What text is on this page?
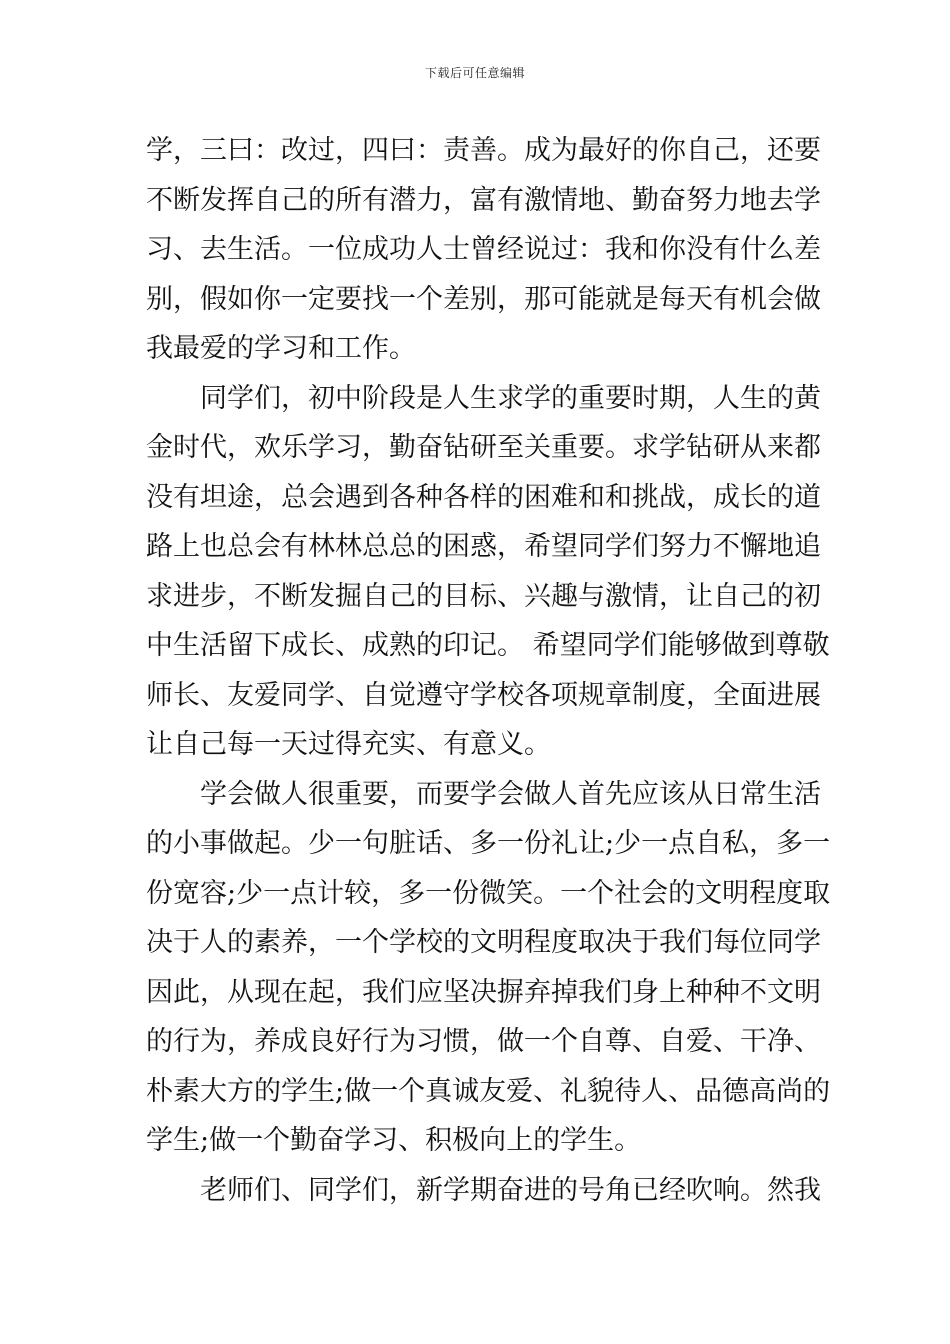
下载后可任意编辑

学，三曰：改过，四曰：责善。成为最好的你自己，还要
不断发挥自己的所有潜力，富有激情地、勤奋努力地去学
习、去生活。一位成功人士曾经说过：我和你没有什么差
别，假如你一定要找一个差别，那可能就是每天有机会做
我最爱的学习和工作。

同学们，初中阶段是人生求学的重要时期，人生的黄
金时代，欢乐学习，勤奋钻研至关重要。求学钻研从来都
没有坦途，总会遇到各种各样的困难和和挑战，成长的道
路上也总会有林林总总的困惑，希望同学们努力不懈地追
求进步，不断发掘自己的目标、兴趣与激情，让自己的初
中生活留下成长、成熟的印记。 希望同学们能够做到尊敬
师长、友爱同学、自觉遵守学校各项规章制度，全面进展
让自己每一天过得充实、有意义。

学会做人很重要，而要学会做人首先应该从日常生活
的小事做起。少一句脏话、多一份礼让;少一点自私，多一
份宽容;少一点计较，多一份微笑。一个社会的文明程度取
决于人的素养，一个学校的文明程度取决于我们每位同学
因此，从现在起，我们应坚决摒弃掉我们身上种种不文明
的行为，养成良好行为习惯，做一个自尊、自爱、干净、
朴素大方的学生;做一个真诚友爱、礼貌待人、品德高尚的
学生;做一个勤奋学习、积极向上的学生。

老师们、同学们，新学期奋进的号角已经吹响。然我
